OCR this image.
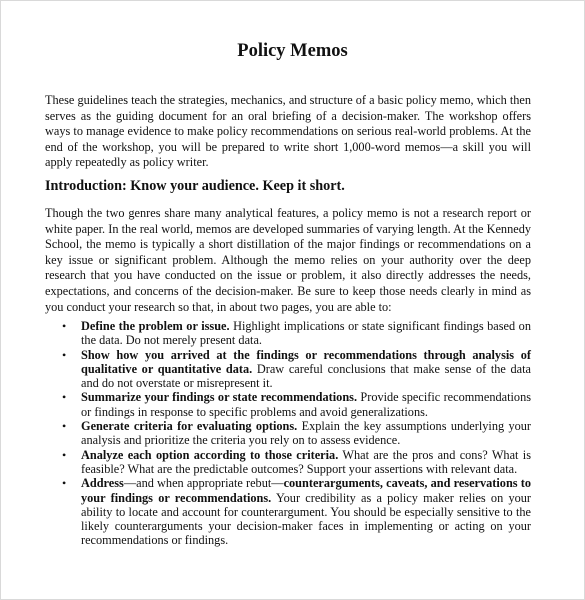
Policy Memos

These guidelines teach the strategies, mechanics, and structure of a basic policy memo, which then serves as the guiding document for an oral briefing of a decision-maker. The workshop offers ways to manage evidence to make policy recommendations on serious real-world problems. At the end of the workshop, you will be prepared to write short 1,000-word memos—a skill you will apply repeatedly as policy writer.

Introduction: Know your audience. Keep it short.

Though the two genres share many analytical features, a policy memo is not a research report or white paper. In the real world, memos are developed summaries of varying length. At the Kennedy School, the memo is typically a short distillation of the major findings or recommendations on a key issue or significant problem. Although the memo relies on your authority over the deep research that you have conducted on the issue or problem, it also directly addresses the needs, expectations, and concerns of the decision-maker. Be sure to keep those needs clearly in mind as you conduct your research so that, in about two pages, you are able to:

• Define the problem or issue. Highlight implications or state significant findings based on the data. Do not merely present data.
• Show how you arrived at the findings or recommendations through analysis of qualitative or quantitative data. Draw careful conclusions that make sense of the data and do not overstate or misrepresent it.
• Summarize your findings or state recommendations. Provide specific recommendations or findings in response to specific problems and avoid generalizations.
• Generate criteria for evaluating options. Explain the key assumptions underlying your analysis and prioritize the criteria you rely on to assess evidence.
• Analyze each option according to those criteria. What are the pros and cons? What is feasible? What are the predictable outcomes? Support your assertions with relevant data.
• Address—and when appropriate rebut—counterarguments, caveats, and reservations to your findings or recommendations. Your credibility as a policy maker relies on your ability to locate and account for counterargument. You should be especially sensitive to the likely counterarguments your decision-maker faces in implementing or acting on your recommendations or findings.
